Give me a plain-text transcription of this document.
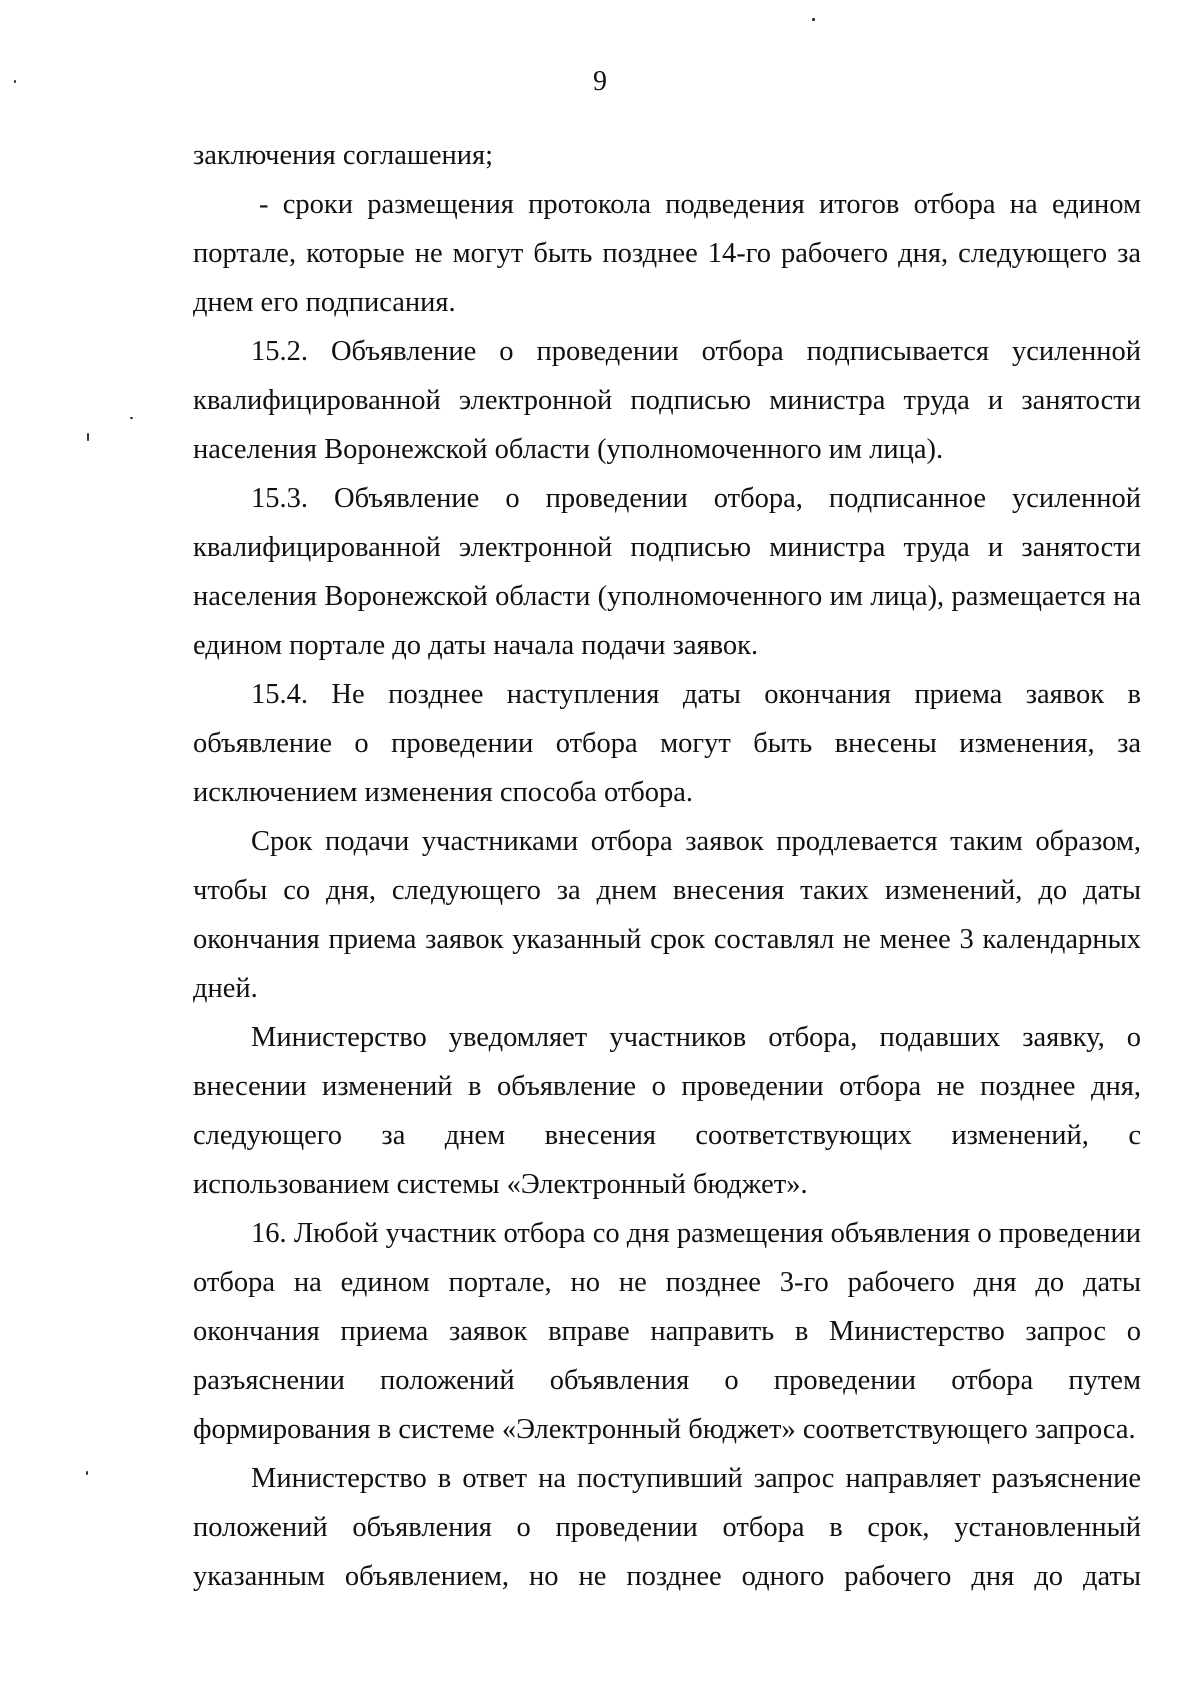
9

заключения соглашения;

- сроки размещения протокола подведения итогов отбора на едином портале, которые не могут быть позднее 14-го рабочего дня, следующего за днем его подписания.

15.2. Объявление о проведении отбора подписывается усиленной квалифицированной электронной подписью министра труда и занятости населения Воронежской области (уполномоченного им лица).

15.3. Объявление о проведении отбора, подписанное усиленной квалифицированной электронной подписью министра труда и занятости населения Воронежской области (уполномоченного им лица), размещается на едином портале до даты начала подачи заявок.

15.4. Не позднее наступления даты окончания приема заявок в объявление о проведении отбора могут быть внесены изменения, за исключением изменения способа отбора.

Срок подачи участниками отбора заявок продлевается таким образом, чтобы со дня, следующего за днем внесения таких изменений, до даты окончания приема заявок указанный срок составлял не менее 3 календарных дней.

Министерство уведомляет участников отбора, подавших заявку, о внесении изменений в объявление о проведении отбора не позднее дня, следующего за днем внесения соответствующих изменений, с использованием системы «Электронный бюджет».

16. Любой участник отбора со дня размещения объявления о проведении отбора на едином портале, но не позднее 3-го рабочего дня до даты окончания приема заявок вправе направить в Министерство запрос о разъяснении положений объявления о проведении отбора путем формирования в системе «Электронный бюджет» соответствующего запроса.

Министерство в ответ на поступивший запрос направляет разъяснение положений объявления о проведении отбора в срок, установленный указанным объявлением, но не позднее одного рабочего дня до даты
